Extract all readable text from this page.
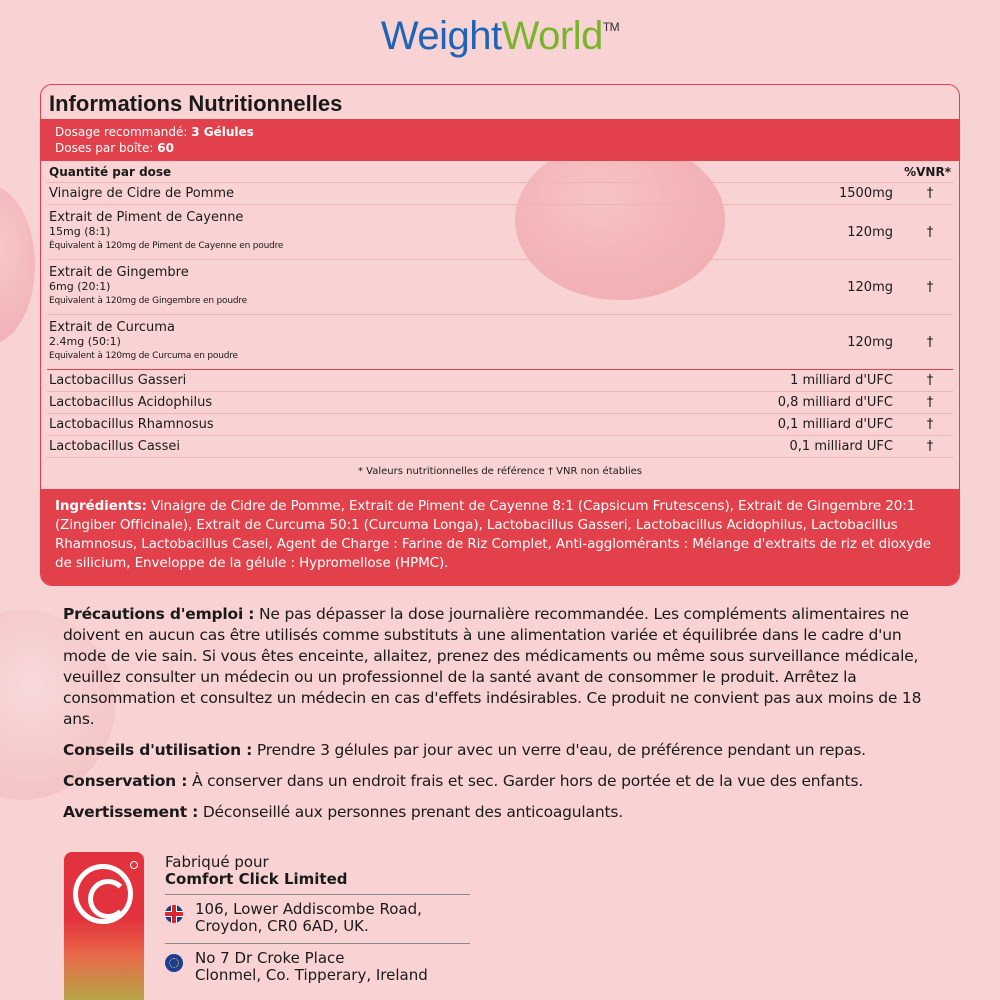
WeightWorld™
Informations Nutritionnelles
Dosage recommandé: 3 Gélules
Doses par boîte: 60
Quantité par dose	%VNR*
Vinaigre de Cidre de Pomme	1500mg	†
Extrait de Piment de Cayenne
15mg (8:1)
Équivalent à 120mg de Piment de Cayenne en poudre
120mg	†
Extrait de Gingembre
6mg (20:1)
Equivalent à 120mg de Gingembre en poudre
120mg	†
Extrait de Curcuma
2.4mg (50:1)
Equivalent à 120mg de Curcuma en poudre
120mg	†
Lactobacillus Gasseri	1 milliard d'UFC	†
Lactobacillus Acidophilus	0,8 milliard d'UFC	†
Lactobacillus Rhamnosus	0,1 milliard d'UFC	†
Lactobacillus Cassei	0,1 milliard UFC	†
* Valeurs nutritionnelles de référence † VNR non établies
Ingrédients: Vinaigre de Cidre de Pomme, Extrait de Piment de Cayenne 8:1 (Capsicum Frutescens), Extrait de Gingembre 20:1 (Zingiber Officinale), Extrait de Curcuma 50:1 (Curcuma Longa), Lactobacillus Gasseri, Lactobacillus Acidophilus, Lactobacillus Rhamnosus, Lactobacillus Casei, Agent de Charge : Farine de Riz Complet, Anti-agglomérants : Mélange d'extraits de riz et dioxyde de silicium, Enveloppe de la gélule : Hypromellose (HPMC).

Précautions d'emploi : Ne pas dépasser la dose journalière recommandée. Les compléments alimentaires ne doivent en aucun cas être utilisés comme substituts à une alimentation variée et équilibrée dans le cadre d'un mode de vie sain. Si vous êtes enceinte, allaitez, prenez des médicaments ou même sous surveillance médicale, veuillez consulter un médecin ou un professionnel de la santé avant de consommer le produit. Arrêtez la consommation et consultez un médecin en cas d'effets indésirables. Ce produit ne convient pas aux moins de 18 ans.

Conseils d'utilisation : Prendre 3 gélules par jour avec un verre d'eau, de préférence pendant un repas.

Conservation : À conserver dans un endroit frais et sec. Garder hors de portée et de la vue des enfants.

Avertissement : Déconseillé aux personnes prenant des anticoagulants.

Fabriqué pour
Comfort Click Limited
106, Lower Addiscombe Road,
Croydon, CR0 6AD, UK.
No 7 Dr Croke Place
Clonmel, Co. Tipperary, Ireland
